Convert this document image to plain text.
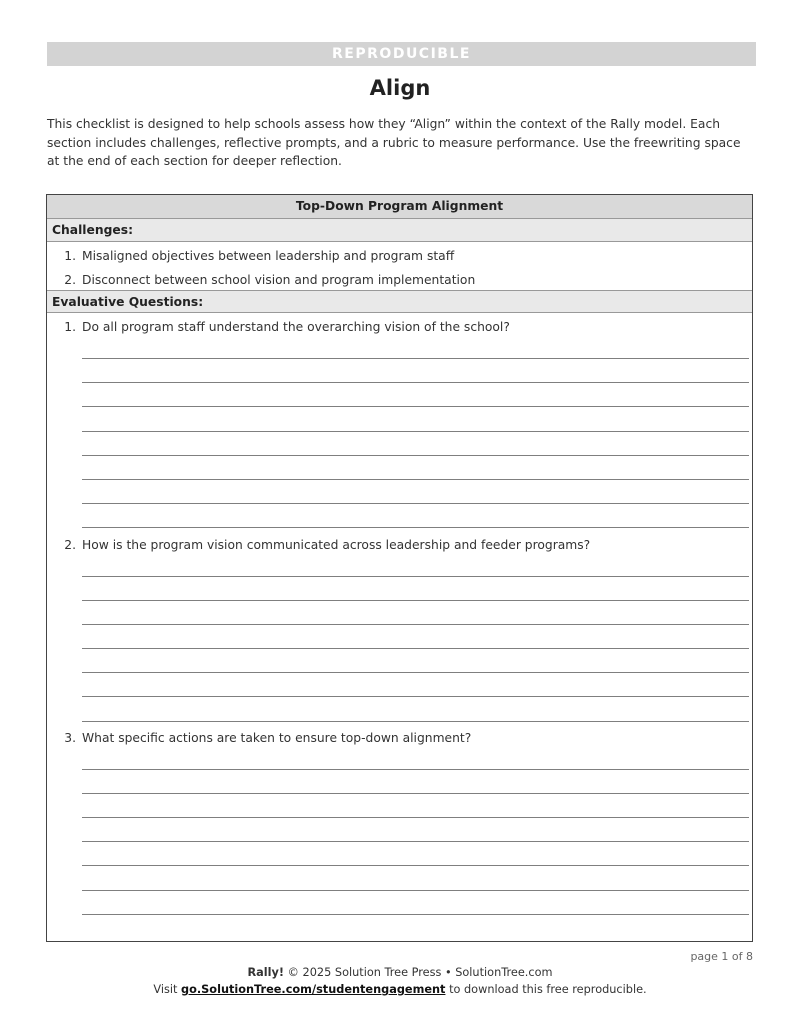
REPRODUCIBLE
Align
This checklist is designed to help schools assess how they “Align” within the context of the Rally model. Each section includes challenges, reflective prompts, and a rubric to measure performance. Use the freewriting space at the end of each section for deeper reflection.
Top-Down Program Alignment
Challenges:
1. Misaligned objectives between leadership and program staff
2. Disconnect between school vision and program implementation
Evaluative Questions:
1. Do all program staff understand the overarching vision of the school?
2. How is the program vision communicated across leadership and feeder programs?
3. What specific actions are taken to ensure top-down alignment?
page 1 of 8
Rally! © 2025 Solution Tree Press • SolutionTree.com
Visit go.SolutionTree.com/studentengagement to download this free reproducible.
